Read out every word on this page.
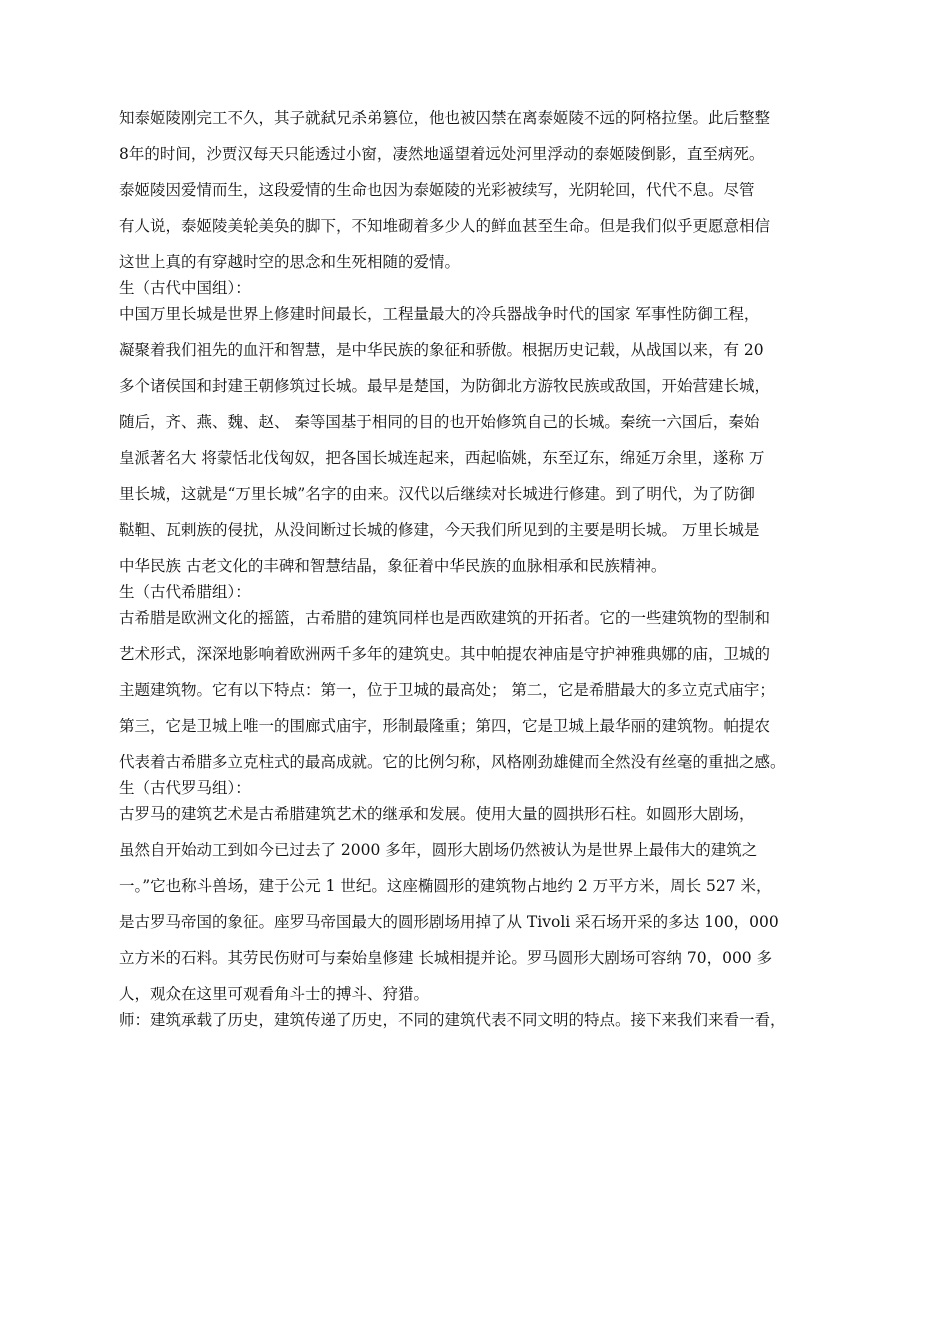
知泰姬陵刚完工不久，其子就弑兄杀弟篡位，他也被囚禁在离泰姬陵不远的阿格拉堡。此后整整
8年的时间，沙贾汉每天只能透过小窗，凄然地遥望着远处河里浮动的泰姬陵倒影，直至病死。
泰姬陵因爱情而生，这段爱情的生命也因为泰姬陵的光彩被续写，光阴轮回，代代不息。尽管
有人说，泰姬陵美轮美奂的脚下，不知堆砌着多少人的鲜血甚至生命。但是我们似乎更愿意相信
这世上真的有穿越时空的思念和生死相随的爱情。
生（古代中国组）：
中国万里长城是世界上修建时间最长，工程量最大的冷兵器战争时代的国家 军事性防御工程，
凝聚着我们祖先的血汗和智慧，是中华民族的象征和骄傲。根据历史记载，从战国以来，有 20
多个诸侯国和封建王朝修筑过长城。最早是楚国，为防御北方游牧民族或敌国，开始营建长城，
随后，齐、燕、魏、赵、 秦等国基于相同的目的也开始修筑自己的长城。秦统一六国后，秦始
皇派著名大 将蒙恬北伐匈奴，把各国长城连起来，西起临姚，东至辽东，绵延万余里，遂称 万
里长城，这就是“万里长城”名字的由来。汉代以后继续对长城进行修建。到了明代，为了防御
鞑靼、瓦剌族的侵扰，从没间断过长城的修建，今天我们所见到的主要是明长城。 万里长城是
中华民族 古老文化的丰碑和智慧结晶，象征着中华民族的血脉相承和民族精神。
生（古代希腊组）：
古希腊是欧洲文化的摇篮，古希腊的建筑同样也是西欧建筑的开拓者。它的一些建筑物的型制和
艺术形式，深深地影响着欧洲两千多年的建筑史。其中帕提农神庙是守护神雅典娜的庙，卫城的
主题建筑物。它有以下特点：第一，位于卫城的最高处； 第二，它是希腊最大的多立克式庙宇；
第三，它是卫城上唯一的围廊式庙宇，形制最隆重；第四，它是卫城上最华丽的建筑物。帕提农
代表着古希腊多立克柱式的最高成就。它的比例匀称，风格刚劲雄健而全然没有丝毫的重拙之感。
生（古代罗马组）：
古罗马的建筑艺术是古希腊建筑艺术的继承和发展。使用大量的圆拱形石柱。如圆形大剧场，
虽然自开始动工到如今已过去了 2000 多年，圆形大剧场仍然被认为是世界上最伟大的建筑之
一。”它也称斗兽场，建于公元 1 世纪。这座椭圆形的建筑物占地约 2 万平方米，周长 527 米，
是古罗马帝国的象征。座罗马帝国最大的圆形剧场用掉了从 Tivoli 采石场开采的多达 100，000
立方米的石料。其劳民伤财可与秦始皇修建 长城相提并论。罗马圆形大剧场可容纳 70，000 多
人，观众在这里可观看角斗士的搏斗、狩猎。
师：建筑承载了历史，建筑传递了历史，不同的建筑代表不同文明的特点。接下来我们来看一看，
